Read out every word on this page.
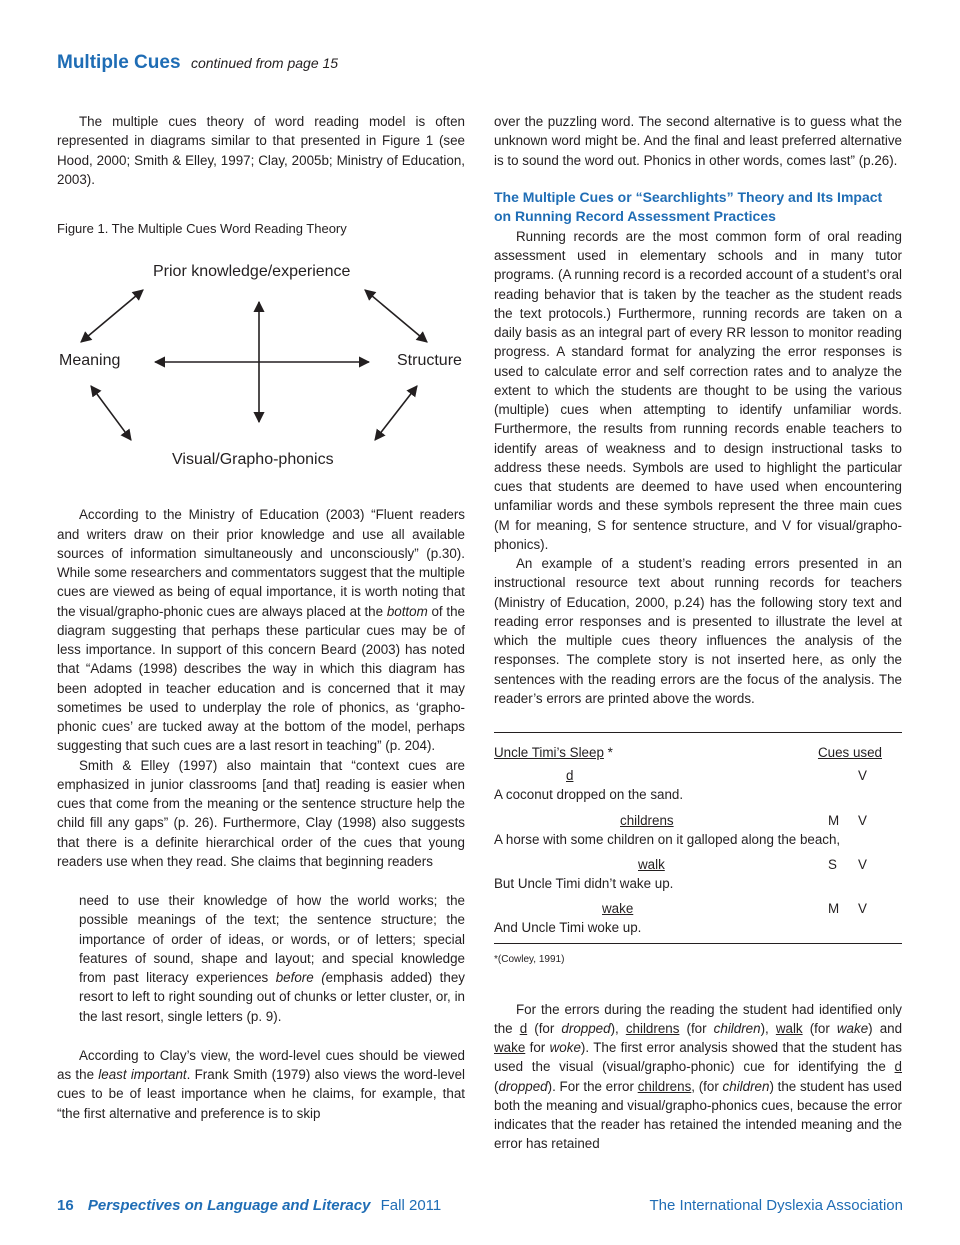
Multiple Cues continued from page 15

The multiple cues theory of word reading model is often represented in diagrams similar to that presented in Figure 1 (see Hood, 2000; Smith & Elley, 1997; Clay, 2005b; Ministry of Education, 2003).

Figure 1. The Multiple Cues Word Reading Theory

Prior knowledge/experience
Meaning	Structure
Visual/Grapho-phonics

According to the Ministry of Education (2003) “Fluent readers and writers draw on their prior knowledge and use all available sources of information simultaneously and unconsciously” (p.30). While some researchers and commentators suggest that the multiple cues are viewed as being of equal importance, it is worth noting that the visual/grapho-phonic cues are always placed at the bottom of the diagram suggesting that perhaps these particular cues may be of less importance. In support of this concern Beard (2003) has noted that “Adams (1998) describes the way in which this diagram has been adopted in teacher education and is concerned that it may sometimes be used to underplay the role of phonics, as ‘grapho-phonic cues’ are tucked away at the bottom of the model, perhaps suggesting that such cues are a last resort in teaching” (p. 204).

Smith & Elley (1997) also maintain that “context cues are emphasized in junior classrooms [and that] reading is easier when cues that come from the meaning or the sentence structure help the child fill any gaps” (p. 26). Furthermore, Clay (1998) also suggests that there is a definite hierarchical order of the cues that young readers use when they read. She claims that beginning readers

need to use their knowledge of how the world works; the possible meanings of the text; the sentence structure; the importance of order of ideas, or words, or of letters; special features of sound, shape and layout; and special knowledge from past literacy experiences before (emphasis added) they resort to left to right sounding out of chunks or letter cluster, or, in the last resort, single letters (p. 9).

According to Clay’s view, the word-level cues should be viewed as the least important. Frank Smith (1979) also views the word-level cues to be of least importance when he claims, for example, that “the first alternative and preference is to skip

over the puzzling word. The second alternative is to guess what the unknown word might be. And the final and least preferred alternative is to sound the word out. Phonics in other words, comes last” (p.26).

The Multiple Cues or “Searchlights” Theory and Its Impact on Running Record Assessment Practices

Running records are the most common form of oral reading assessment used in elementary schools and in many tutor programs. (A running record is a recorded account of a student’s oral reading behavior that is taken by the teacher as the student reads the text protocols.) Furthermore, running records are taken on a daily basis as an integral part of every RR lesson to monitor reading progress. A standard format for analyzing the error responses is used to calculate error and self correction rates and to analyze the extent to which the students are thought to be using the various (multiple) cues when attempting to identify unfamiliar words. Furthermore, the results from running records enable teachers to identify areas of weakness and to design instructional tasks to address these needs. Symbols are used to highlight the particular cues that students are deemed to have used when encountering unfamiliar words and these symbols represent the three main cues (M for meaning, S for sentence structure, and V for visual/grapho-phonics).

An example of a student’s reading errors presented in an instructional resource text about running records for teachers (Ministry of Education, 2000, p.24) has the following story text and reading error responses and is presented to illustrate the level at which the multiple cues theory influences the analysis of the responses. The complete story is not inserted here, as only the sentences with the reading errors are the focus of the analysis. The reader’s errors are printed above the words.

Uncle Timi’s Sleep *	Cues used
d	V
A coconut dropped on the sand.
childrens	M V
A horse with some children on it galloped along the beach,
walk	S V
But Uncle Timi didn’t wake up.
wake	M V
And Uncle Timi woke up.
*(Cowley, 1991)

For the errors during the reading the student had identified only the d (for dropped), childrens (for children), walk (for wake) and wake for woke). The first error analysis showed that the student has used the visual (visual/grapho-phonic) cue for identifying the d (dropped). For the error childrens, (for children) the student has used both the meaning and visual/grapho-phonics cues, because the error indicates that the reader has retained the intended meaning and the error has retained

16 Perspectives on Language and Literacy Fall 2011	The International Dyslexia Association
